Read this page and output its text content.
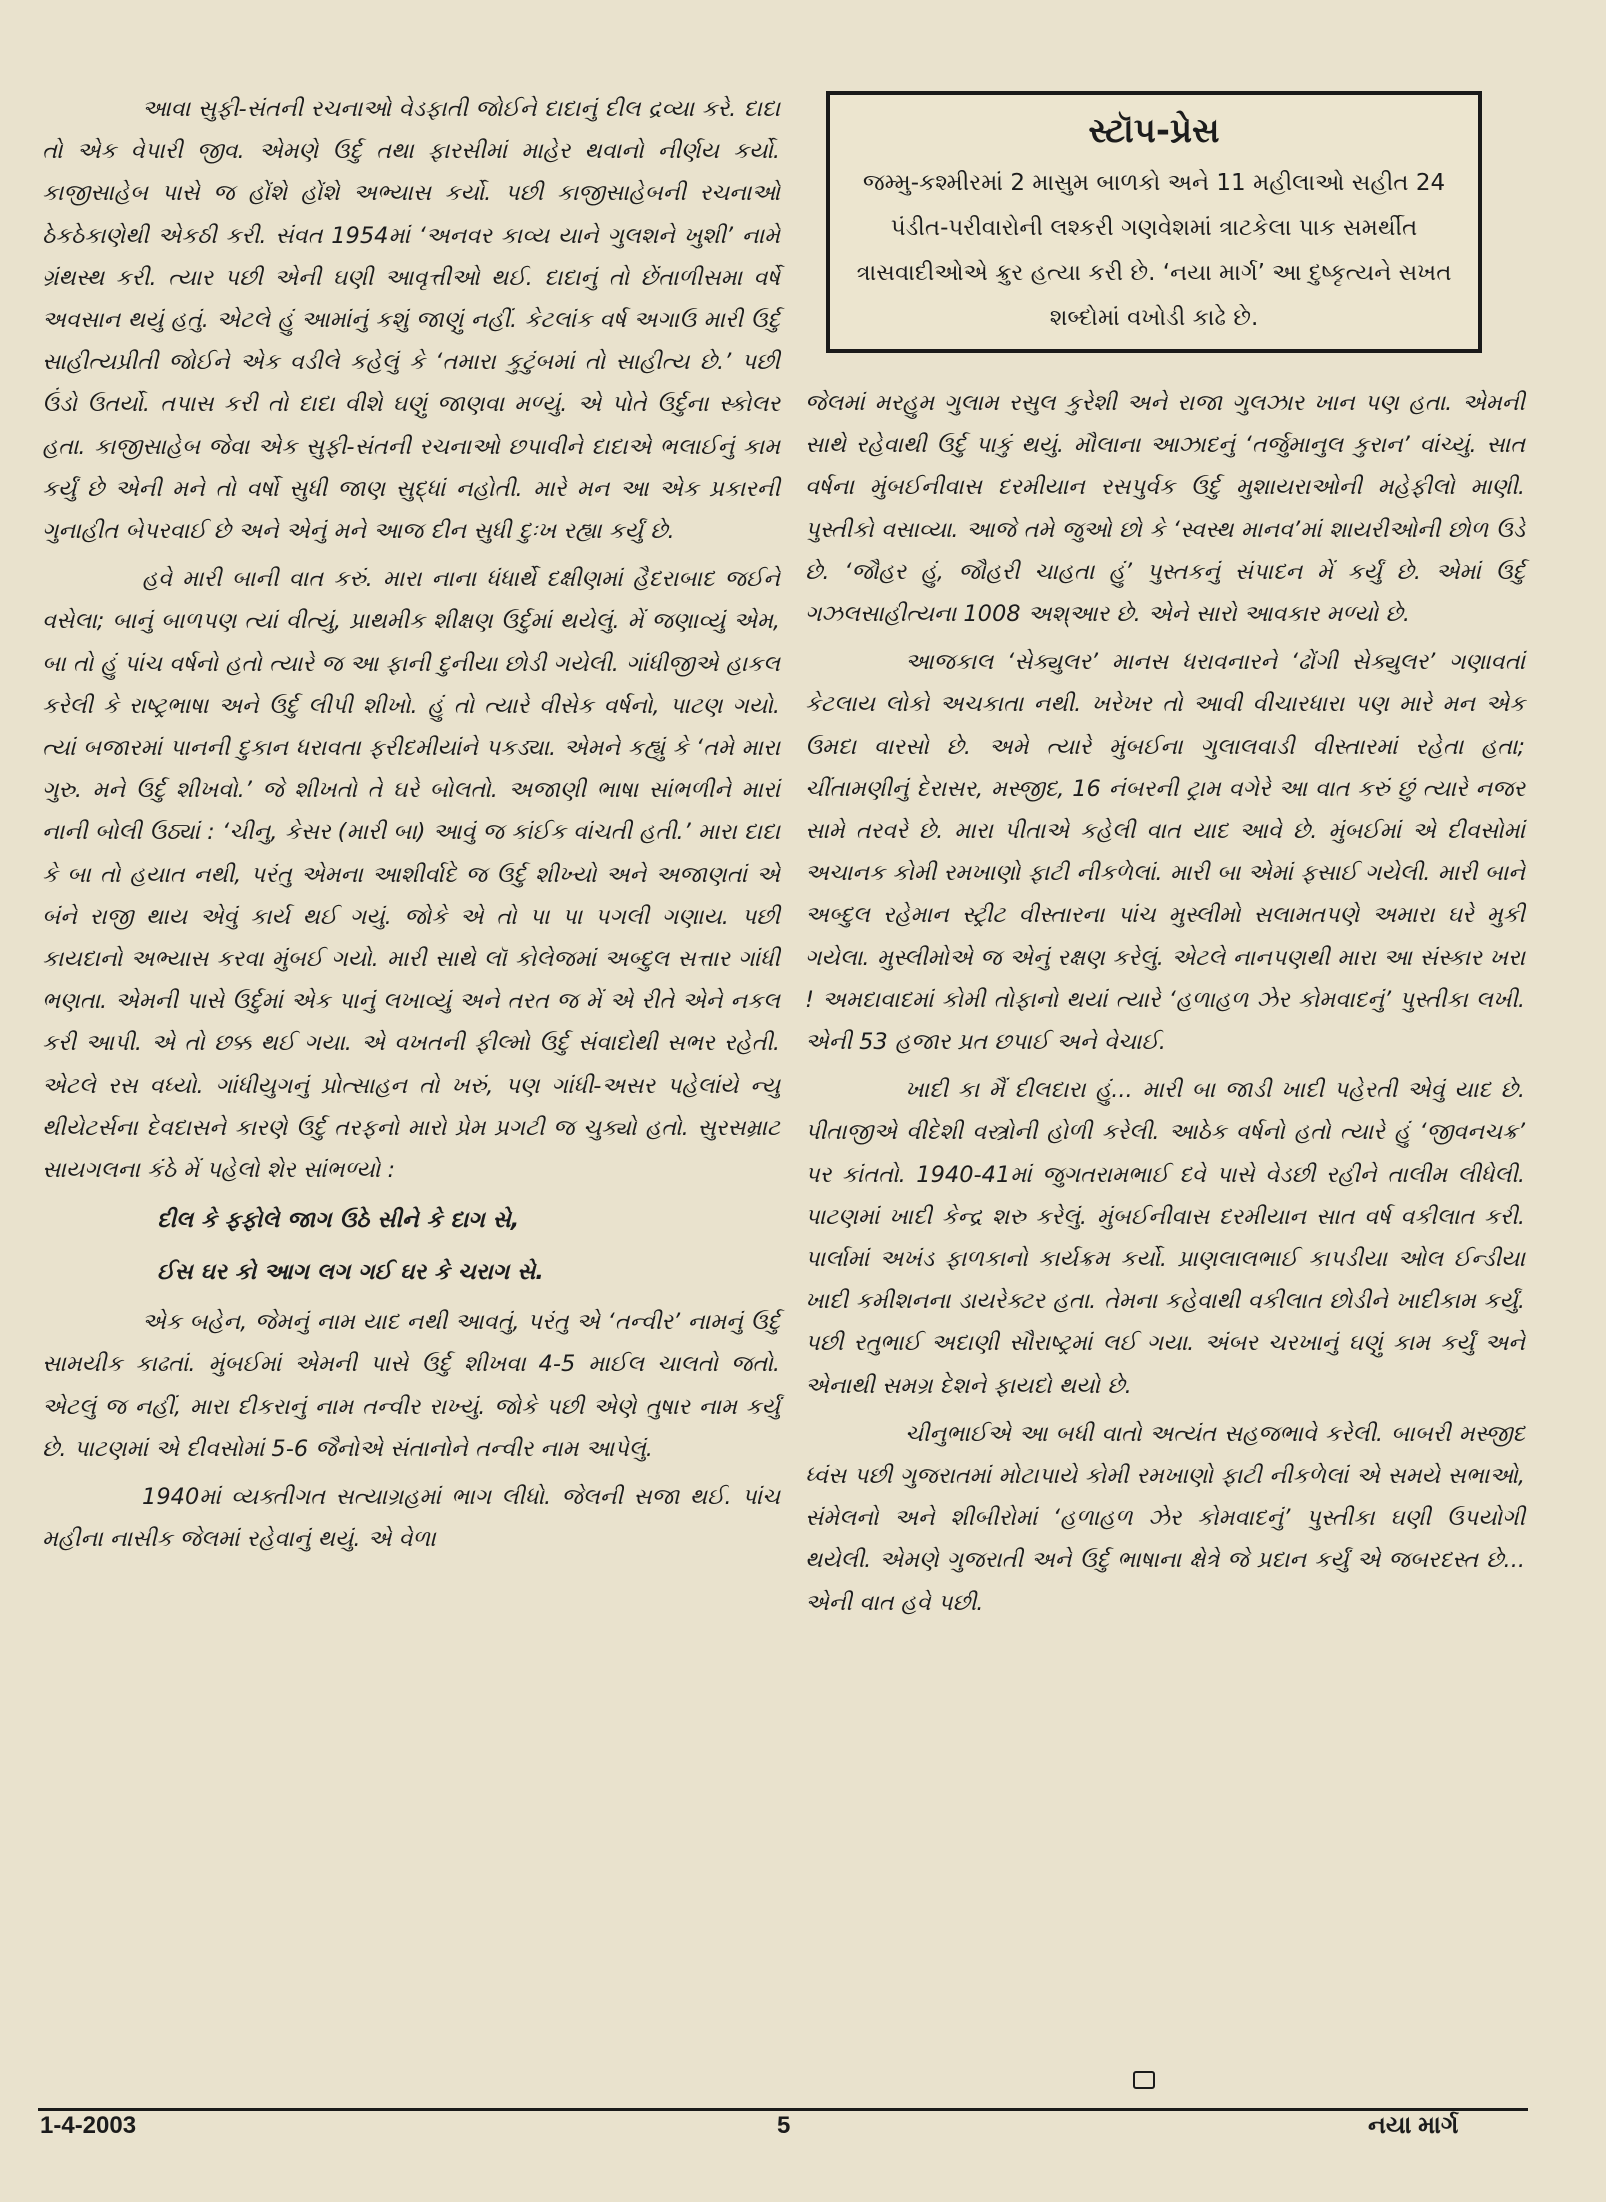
આવા સુફી-સંતની રચનાઓ વેડફાતી જોઈને દાદાનું દીલ દ્રવ્યા કરે. દાદા તો એક વેપારી જીવ. એમણે ઉર્દુ તથા ફારસીમાં માહેર થવાનો નીર્ણય કર્યો. કાજીસાહેબ પાસે જ હોંશે હોંશે અભ્યાસ કર્યો. પછી કાજીસાહેબની રચનાઓ ઠેકઠેકાણેથી એકઠી કરી. સંવત 1954માં ‘અનવર કાવ્ય યાને ગુલશને ખુશી’ નામે ગ્રંથસ્થ કરી. ત્યાર પછી એની ઘણી આવૃત્તીઓ થઈ. દાદાનું તો છેંતાળીસમા વર્ષે અવસાન થયું હતું. એટલે હું આમાંનું કશું જાણું નહીં. કેટલાંક વર્ષ અગાઉ મારી ઉર્દુ સાહીત્યપ્રીતી જોઈને એક વડીલે કહેલું કે ‘તમારા કુટુંબમાં તો સાહીત્ય છે.’ પછી ઉંડો ઉતર્યો. તપાસ કરી તો દાદા વીશે ઘણું જાણવા મળ્યું. એ પોતે ઉર્દુના સ્કોલર હતા. કાજીસાહેબ જેવા એક સુફી-સંતની રચનાઓ છપાવીને દાદાએ ભલાઈનું કામ કર્યું છે એની મને તો વર્ષો સુધી જાણ સુદ્ધાં નહોતી. મારે મન આ એક પ્રકારની ગુનાહીત બેપરવાઈ છે અને એનું મને આજ દીન સુધી દુઃખ રહ્યા કર્યું છે.

હવે મારી બાની વાત કરું. મારા નાના ધંધાર્થે દક્ષીણમાં હૈદરાબાદ જઈને વસેલા; બાનું બાળપણ ત્યાં વીત્યું, પ્રાથમીક શીક્ષણ ઉર્દુમાં થયેલું. મેં જણાવ્યું એમ, બા તો હું પાંચ વર્ષનો હતો ત્યારે જ આ ફાની દુનીયા છોડી ગયેલી. ગાંધીજીએ હાકલ કરેલી કે રાષ્ટ્રભાષા અને ઉર્દુ લીપી શીખો. હું તો ત્યારે વીસેક વર્ષનો, પાટણ ગયો. ત્યાં બજારમાં પાનની દુકાન ધરાવતા ફરીદમીયાંને પકડ્યા. એમને કહ્યું કે ‘તમે મારા ગુરુ. મને ઉર્દુ શીખવો.’ જે શીખતો તે ઘરે બોલતો. અજાણી ભાષા સાંભળીને મારાં નાની બોલી ઉઠ્યાં : ‘ચીનુ, કેસર (મારી બા) આવું જ કાંઈક વાંચતી હતી.’ મારા દાદા કે બા તો હયાત નથી, પરંતુ એમના આશીર્વાદે જ ઉર્દુ શીખ્યો અને અજાણતાં એ બંને રાજી થાય એવું કાર્ય થઈ ગયું. જોકે એ તો પા પા પગલી ગણાય. પછી કાયદાનો અભ્યાસ કરવા મુંબઈ ગયો. મારી સાથે લૉ કોલેજમાં અબ્દુલ સત્તાર ગાંધી ભણતા. એમની પાસે ઉર્દુમાં એક પાનું લખાવ્યું અને તરત જ મેં એ રીતે એને નકલ કરી આપી. એ તો છક્ક થઈ ગયા. એ વખતની ફીલ્મો ઉર્દુ સંવાદોથી સભર રહેતી. એટલે રસ વધ્યો. ગાંધીયુગનું પ્રોત્સાહન તો ખરું, પણ ગાંધી-અસર પહેલાંયે ન્યુ થીયેટર્સના દેવદાસને કારણે ઉર્દુ તરફનો મારો પ્રેમ પ્રગટી જ ચુક્યો હતો. સુરસમ્રાટ સાયગલના કંઠે મેં પહેલો શેર સાંભળ્યો :

દીલ કે ફફોલે જાગ ઉઠે સીને કે દાગ સે,
ઈસ ઘર કો આગ લગ ગઈ ઘર કે ચરાગ સે.

એક બહેન, જેમનું નામ યાદ નથી આવતું, પરંતુ એ ‘તન્વીર’ નામનું ઉર્દુ સામયીક કાઢતાં. મુંબઈમાં એમની પાસે ઉર્દુ શીખવા 4-5 માઈલ ચાલતો જતો. એટલું જ નહીં, મારા દીકરાનું નામ તન્વીર રાખ્યું. જોકે પછી એણે તુષાર નામ કર્યું છે. પાટણમાં એ દીવસોમાં 5-6 જૈનોએ સંતાનોને તન્વીર નામ આપેલું.

1940માં વ્યક્તીગત સત્યાગ્રહમાં ભાગ લીધો. જેલની સજા થઈ. પાંચ મહીના નાસીક જેલમાં રહેવાનું થયું. એ વેળા

સ્ટૉપ-પ્રેસ
જમ્મુ-કશ્મીરમાં 2 માસુમ બાળકો અને 11 મહીલાઓ સહીત 24 પંડીત-પરીવારોની લશ્કરી ગણવેશમાં ત્રાટકેલા પાક સમર્થીત ત્રાસવાદીઓએ ક્રુર હત્યા કરી છે. ‘નયા માર્ગ’ આ દુષ્કૃત્યને સખત શબ્દોમાં વખોડી કાઢે છે.

જેલમાં મરહુમ ગુલામ રસુલ કુરેશી અને રાજા ગુલઝાર ખાન પણ હતા. એમની સાથે રહેવાથી ઉર્દુ પાકું થયું. મૌલાના આઝાદનું ‘તર્જુમાનુલ કુરાન’ વાંચ્યું. સાત વર્ષના મુંબઈનીવાસ દરમીયાન રસપુર્વક ઉર્દુ મુશાયરાઓની મહેફીલો માણી. પુસ્તીકો વસાવ્યા. આજે તમે જુઓ છો કે ‘સ્વસ્થ માનવ’માં શાયરીઓની છોળ ઉડે છે. ‘જૌહર હું, જૌહરી ચાહતા હું’ પુસ્તકનું સંપાદન મેં કર્યું છે. એમાં ઉર્દુ ગઝલસાહીત્યના 1008 અશ્આર છે. એને સારો આવકાર મળ્યો છે.

આજકાલ ‘સેક્યુલર’ માનસ ધરાવનારને ‘ઢોંગી સેક્યુલર’ ગણાવતાં કેટલાય લોકો અચકાતા નથી. ખરેખર તો આવી વીચારધારા પણ મારે મન એક ઉમદા વારસો છે. અમે ત્યારે મુંબઈના ગુલાલવાડી વીસ્તારમાં રહેતા હતા; ચીંતામણીનું દેરાસર, મસ્જીદ, 16 નંબરની ટ્રામ વગેરે આ વાત કરું છું ત્યારે નજર સામે તરવરે છે. મારા પીતાએ કહેલી વાત યાદ આવે છે. મુંબઈમાં એ દીવસોમાં અચાનક કોમી રમખાણો ફાટી નીકળેલાં. મારી બા એમાં ફસાઈ ગયેલી. મારી બાને અબ્દુલ રહેમાન સ્ટ્રીટ વીસ્તારના પાંચ મુસ્લીમો સલામતપણે અમારા ઘરે મુકી ગયેલા. મુસ્લીમોએ જ એનું રક્ષણ કરેલું. એટલે નાનપણથી મારા આ સંસ્કાર ખરા ! અમદાવાદમાં કોમી તોફાનો થયાં ત્યારે ‘હળાહળ ઝેર કોમવાદનું’ પુસ્તીકા લખી. એની 53 હજાર પ્રત છપાઈ અને વેચાઈ.

ખાદી કા મૈં દીલદારા હું... મારી બા જાડી ખાદી પહેરતી એવું યાદ છે. પીતાજીએ વીદેશી વસ્ત્રોની હોળી કરેલી. આઠેક વર્ષનો હતો ત્યારે હું ‘જીવનચક્ર’ પર કાંતતો. 1940-41માં જુગતરામભાઈ દવે પાસે વેડછી રહીને તાલીમ લીધેલી. પાટણમાં ખાદી કેન્દ્ર શરુ કરેલું. મુંબઈનીવાસ દરમીયાન સાત વર્ષ વકીલાત કરી. પાર્લામાં અખંડ ફાળકાનો કાર્યક્રમ કર્યો. પ્રાણલાલભાઈ કાપડીયા ઓલ ઈન્ડીયા ખાદી કમીશનના ડાયરેક્ટર હતા. તેમના કહેવાથી વકીલાત છોડીને ખાદીકામ કર્યું. પછી રતુભાઈ અદાણી સૌરાષ્ટ્રમાં લઈ ગયા. અંબર ચરખાનું ઘણું કામ કર્યું અને એનાથી સમગ્ર દેશને ફાયદો થયો છે.

ચીનુભાઈએ આ બધી વાતો અત્યંત સહજભાવે કરેલી. બાબરી મસ્જીદ ધ્વંસ પછી ગુજરાતમાં મોટાપાયે કોમી રમખાણો ફાટી નીકળેલાં એ સમયે સભાઓ, સંમેલનો અને શીબીરોમાં ‘હળાહળ ઝેર કોમવાદનું’ પુસ્તીકા ઘણી ઉપયોગી થયેલી. એમણે ગુજરાતી અને ઉર્દુ ભાષાના ક્ષેત્રે જે પ્રદાન કર્યું એ જબરદસ્ત છે... એની વાત હવે પછી.

1-4-2003	5	નયા માર્ગ
